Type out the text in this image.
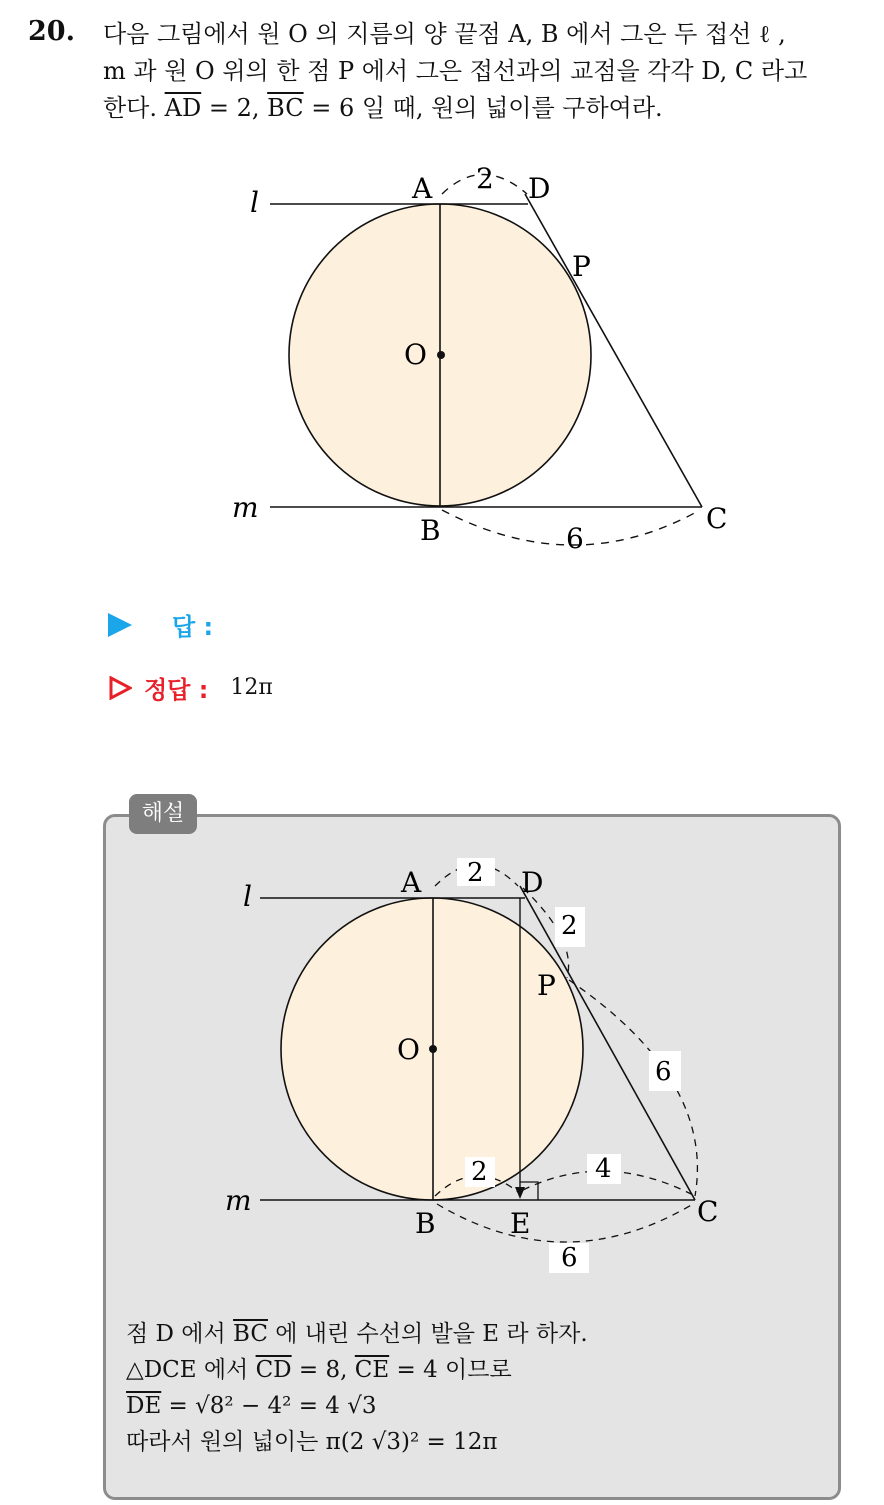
20. 다음 그림에서 원 O 의 지름의 양 끝점 A, B 에서 그은 두 접선 ℓ ,
m 과 원 O 위의 한 점 P 에서 그은 접선과의 교점을 각각 D, C 라고
한다. $\overline{AD} = 2$, $\overline{BC} = 6$ 일 때, 원의 넓이를 구하여라.
l
m
A	D
P
O
B	C
2
6
답 :
정답 : 12π
해설
l
m
A	D
P
O
B	E	C
2
2
6
2	4
6
점 D 에서 $\overline{BC}$ 에 내린 수선의 발을 E 라 하자.
△DCE 에서 $\overline{CD} = 8$, $\overline{CE} = 4$ 이므로
$\overline{DE} = √8^2 - 4^2 = 4$ √3
따라서 원의 넓이는 π(2 √3)² = 12π
